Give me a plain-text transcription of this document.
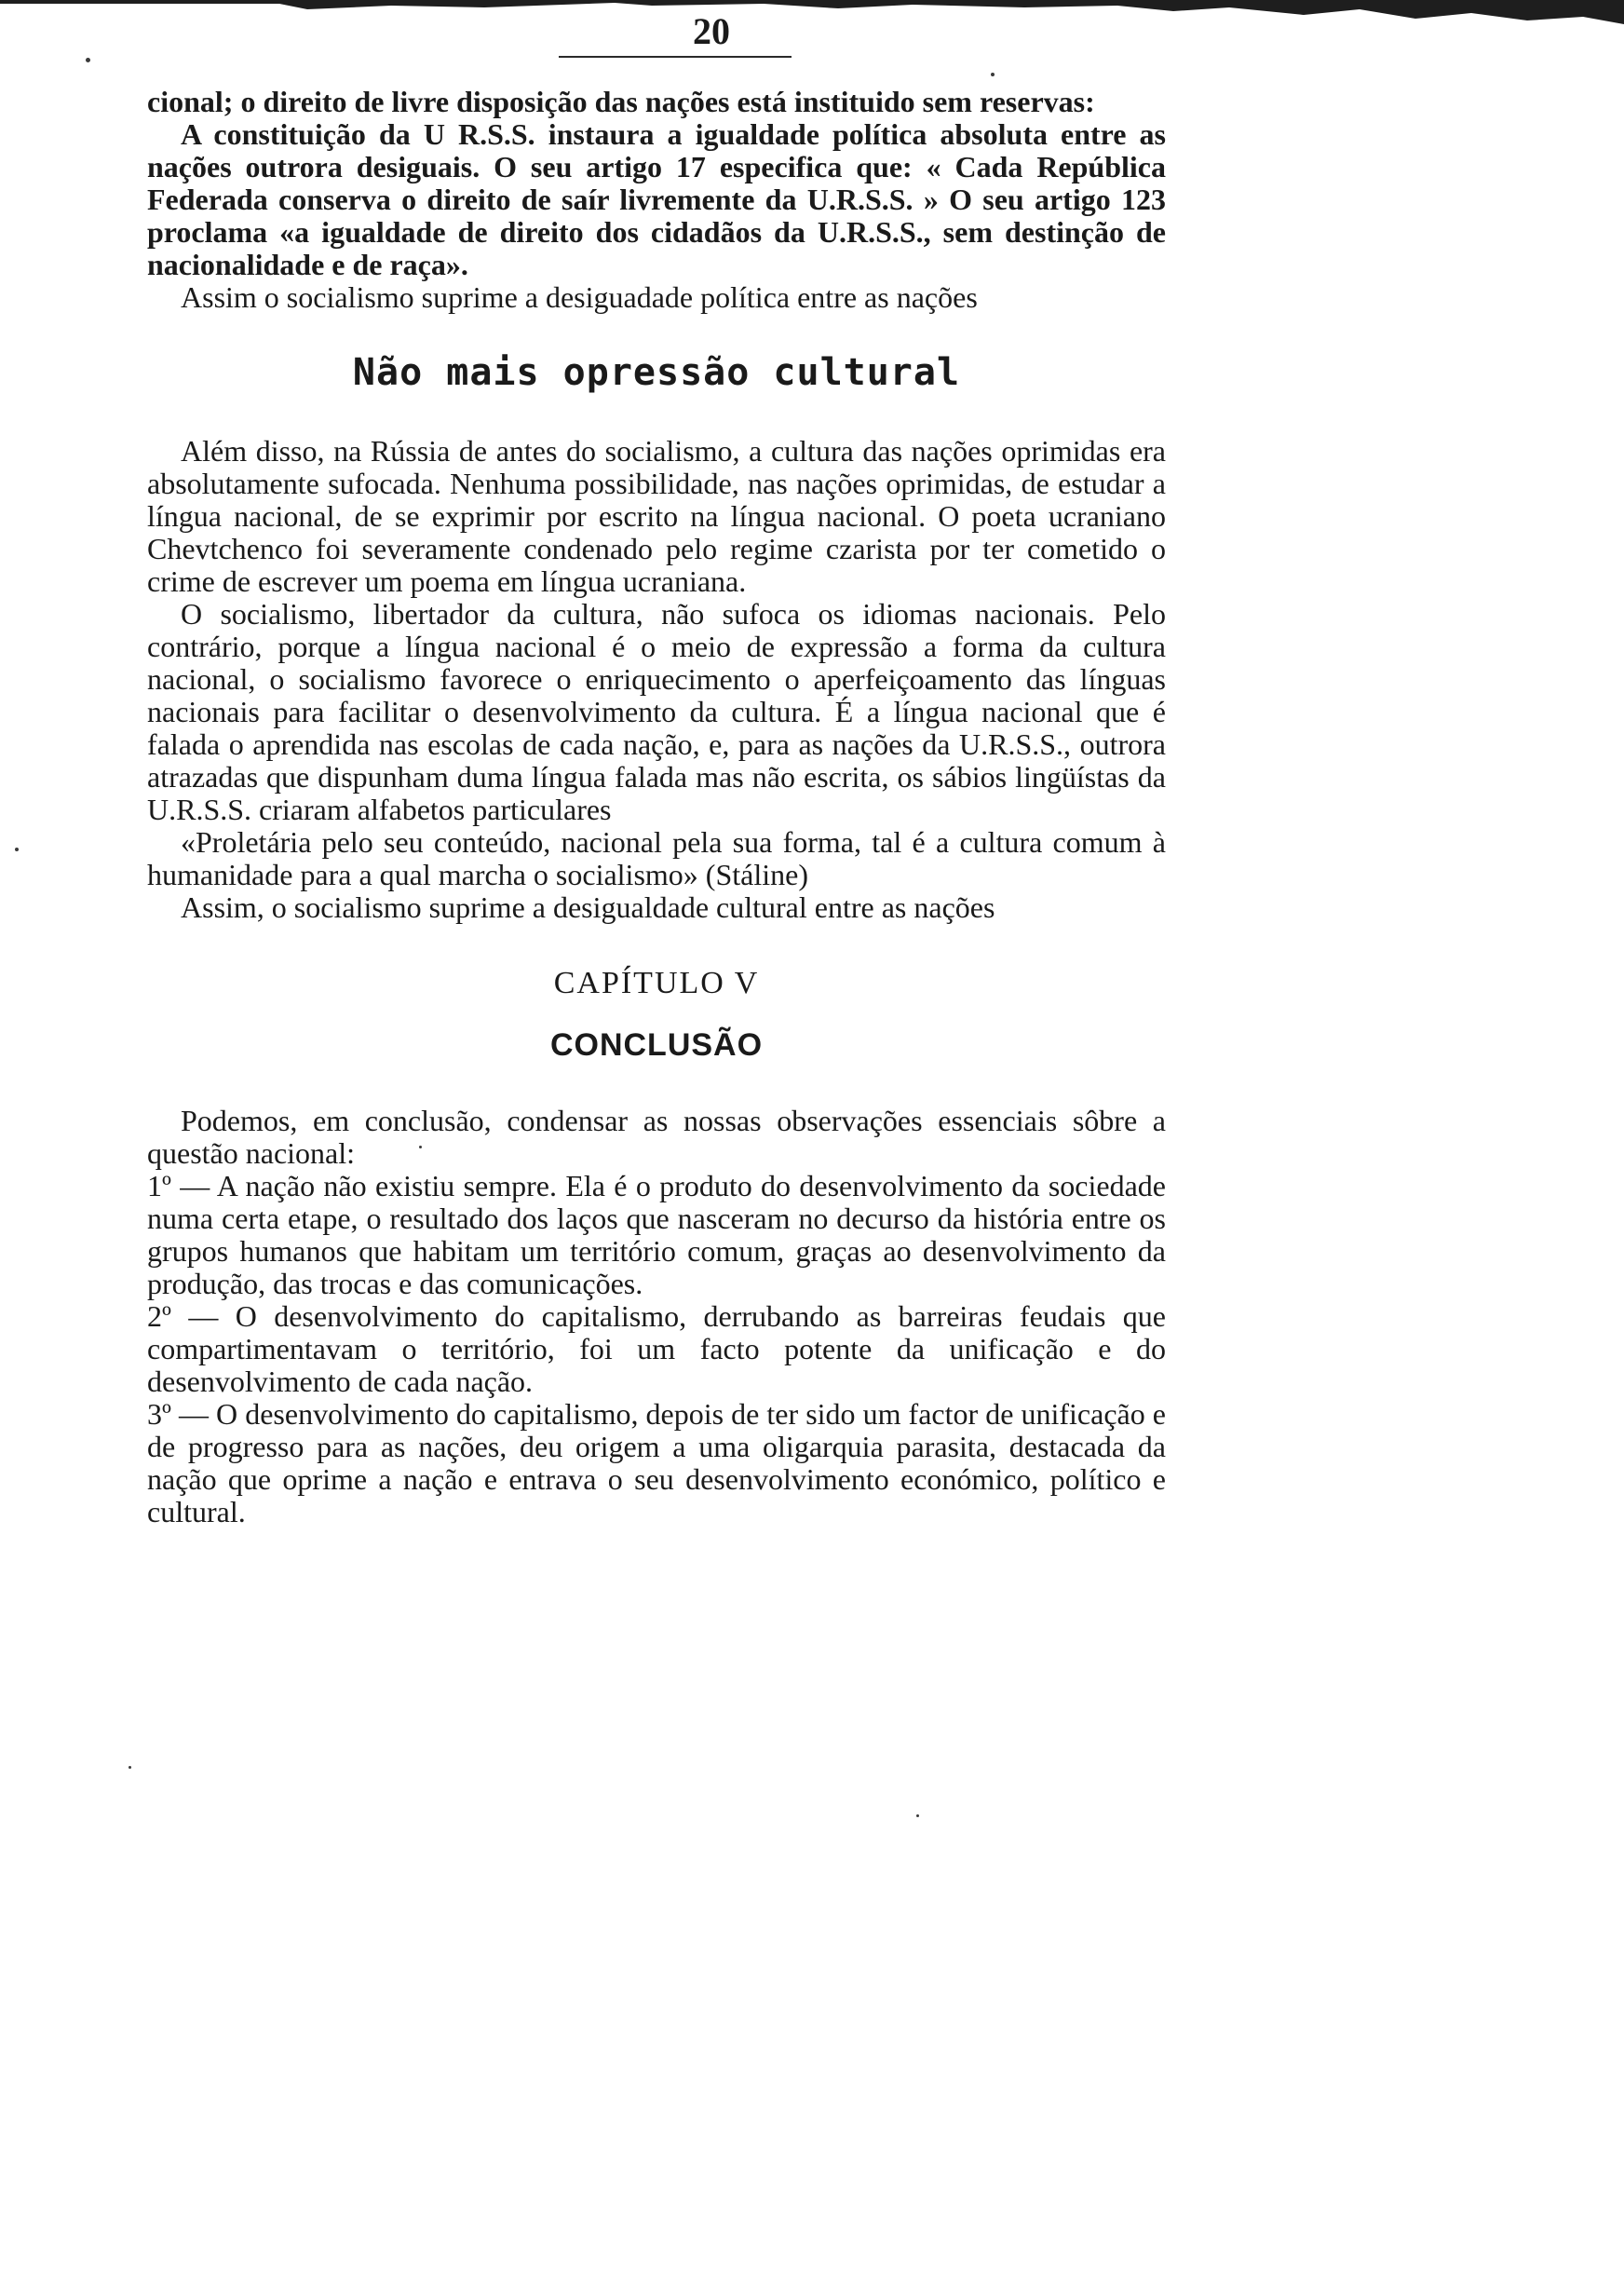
20

cional; o direito de livre disposição das nações está instituido sem reservas:

A constituição da U R.S.S. instaura a igualdade política absoluta entre as nações outrora desiguais. O seu artigo 17 especifica que: « Cada República Federada conserva o direito de saír livremente da U.R.S.S. » O seu artigo 123 proclama «a igualdade de direito dos cidadãos da U.R.S.S., sem destinção de nacionalidade e de raça».

Assim o socialismo suprime a desiguadade política entre as nações

Não mais opressão cultural

Além disso, na Rússia de antes do socialismo, a cultura das nações oprimidas era absolutamente sufocada. Nenhuma possibilidade, nas nações oprimidas, de estudar a língua nacional, de se exprimir por escrito na língua nacional. O poeta ucraniano Chevtchenco foi severamente condenado pelo regime czarista por ter cometido o crime de escrever um poema em língua ucraniana.

O socialismo, libertador da cultura, não sufoca os idiomas nacionais. Pelo contrário, porque a língua nacional é o meio de expressão a forma da cultura nacional, o socialismo favorece o enriquecimento o aperfeiçoamento das línguas nacionais para facilitar o desenvolvimento da cultura. É a língua nacional que é falada o aprendida nas escolas de cada nação, e, para as nações da U.R.S.S., outrora atrazadas que dispunham duma língua falada mas não escrita, os sábios lingüístas da U.R.S.S. criaram alfabetos particulares

«Proletária pelo seu conteúdo, nacional pela sua forma, tal é a cultura comum à humanidade para a qual marcha o socialismo» (Stáline)

Assim, o socialismo suprime a desigualdade cultural entre as nações

CAPÍTULO V
CONCLUSÃO

Podemos, em conclusão, condensar as nossas observações essenciais sôbre a questão nacional:

1º — A nação não existiu sempre. Ela é o produto do desenvolvimento da sociedade numa certa etape, o resultado dos laços que nasceram no decurso da história entre os grupos humanos que habitam um território comum, graças ao desenvolvimento da produção, das trocas e das comunicações.

2º — O desenvolvimento do capitalismo, derrubando as barreiras feudais que compartimentavam o território, foi um facto potente da unificação e do desenvolvimento de cada nação.

3º — O desenvolvimento do capitalismo, depois de ter sido um factor de unificação e de progresso para as nações, deu origem a uma oligarquia parasita, destacada da nação que oprime a nação e entrava o seu desenvolvimento económico, político e cultural.
